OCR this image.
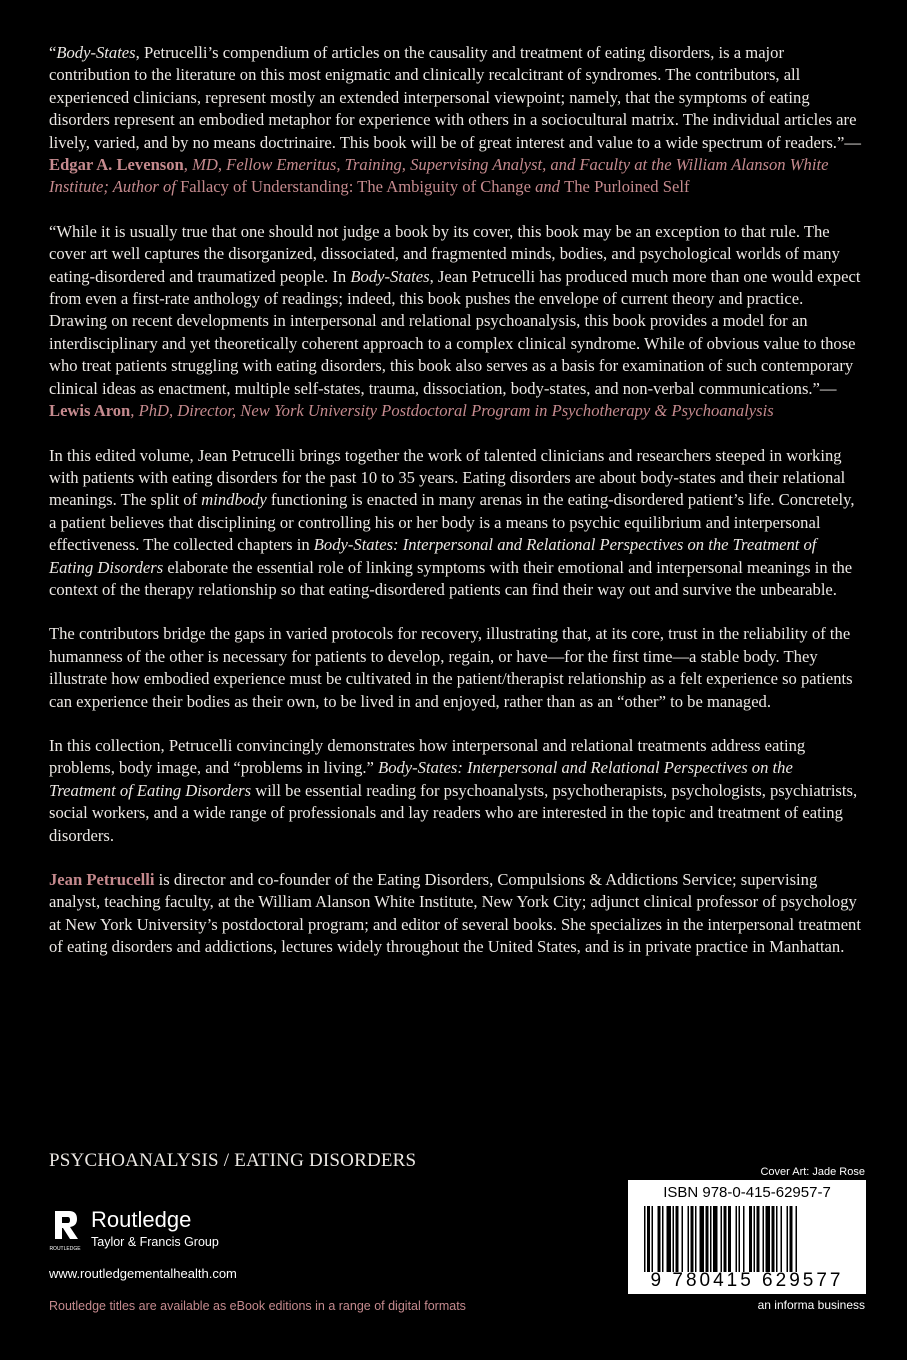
“Body-States, Petrucelli’s compendium of articles on the causality and treatment of eating disorders, is a major contribution to the literature on this most enigmatic and clinically recalcitrant of syndromes. The contributors, all experienced clinicians, represent mostly an extended interpersonal viewpoint; namely, that the symptoms of eating disorders represent an embodied metaphor for experience with others in a sociocultural matrix. The individual articles are lively, varied, and by no means doctrinaire. This book will be of great interest and value to a wide spectrum of readers.”—Edgar A. Levenson, MD, Fellow Emeritus, Training, Supervising Analyst, and Faculty at the William Alanson White Institute; Author of Fallacy of Understanding: The Ambiguity of Change and The Purloined Self

“While it is usually true that one should not judge a book by its cover, this book may be an exception to that rule. The cover art well captures the disorganized, dissociated, and fragmented minds, bodies, and psychological worlds of many eating-disordered and traumatized people. In Body-States, Jean Petrucelli has produced much more than one would expect from even a first-rate anthology of readings; indeed, this book pushes the envelope of current theory and practice. Drawing on recent developments in interpersonal and relational psychoanalysis, this book provides a model for an interdisciplinary and yet theoretically coherent approach to a complex clinical syndrome. While of obvious value to those who treat patients struggling with eating disorders, this book also serves as a basis for examination of such contemporary clinical ideas as enactment, multiple self-states, trauma, dissociation, body-states, and non-verbal communications.”—Lewis Aron, PhD, Director, New York University Postdoctoral Program in Psychotherapy & Psychoanalysis

In this edited volume, Jean Petrucelli brings together the work of talented clinicians and researchers steeped in working with patients with eating disorders for the past 10 to 35 years. Eating disorders are about body-states and their relational meanings. The split of mindbody functioning is enacted in many arenas in the eating-disordered patient’s life. Concretely, a patient believes that disciplining or controlling his or her body is a means to psychic equilibrium and interpersonal effectiveness. The collected chapters in Body-States: Interpersonal and Relational Perspectives on the Treatment of Eating Disorders elaborate the essential role of linking symptoms with their emotional and interpersonal meanings in the context of the therapy relationship so that eating-disordered patients can find their way out and survive the unbearable.

The contributors bridge the gaps in varied protocols for recovery, illustrating that, at its core, trust in the reliability of the humanness of the other is necessary for patients to develop, regain, or have—for the first time—a stable body. They illustrate how embodied experience must be cultivated in the patient/therapist relationship as a felt experience so patients can experience their bodies as their own, to be lived in and enjoyed, rather than as an “other” to be managed.

In this collection, Petrucelli convincingly demonstrates how interpersonal and relational treatments address eating problems, body image, and “problems in living.” Body-States: Interpersonal and Relational Perspectives on the Treatment of Eating Disorders will be essential reading for psychoanalysts, psychotherapists, psychologists, psychiatrists, social workers, and a wide range of professionals and lay readers who are interested in the topic and treatment of eating disorders.

Jean Petrucelli is director and co-founder of the Eating Disorders, Compulsions & Addictions Service; supervising analyst, teaching faculty, at the William Alanson White Institute, New York City; adjunct clinical professor of psychology at New York University’s postdoctoral program; and editor of several books. She specializes in the interpersonal treatment of eating disorders and addictions, lectures widely throughout the United States, and is in private practice in Manhattan.

PSYCHOANALYSIS / EATING DISORDERS
ROUTLEDGE
Routledge
Taylor & Francis Group
www.routledgementalhealth.com
Routledge titles are available as eBook editions in a range of digital formats
Cover Art: Jade Rose
ISBN 978-0-415-62957-7
9 780415 629577
an informa business
